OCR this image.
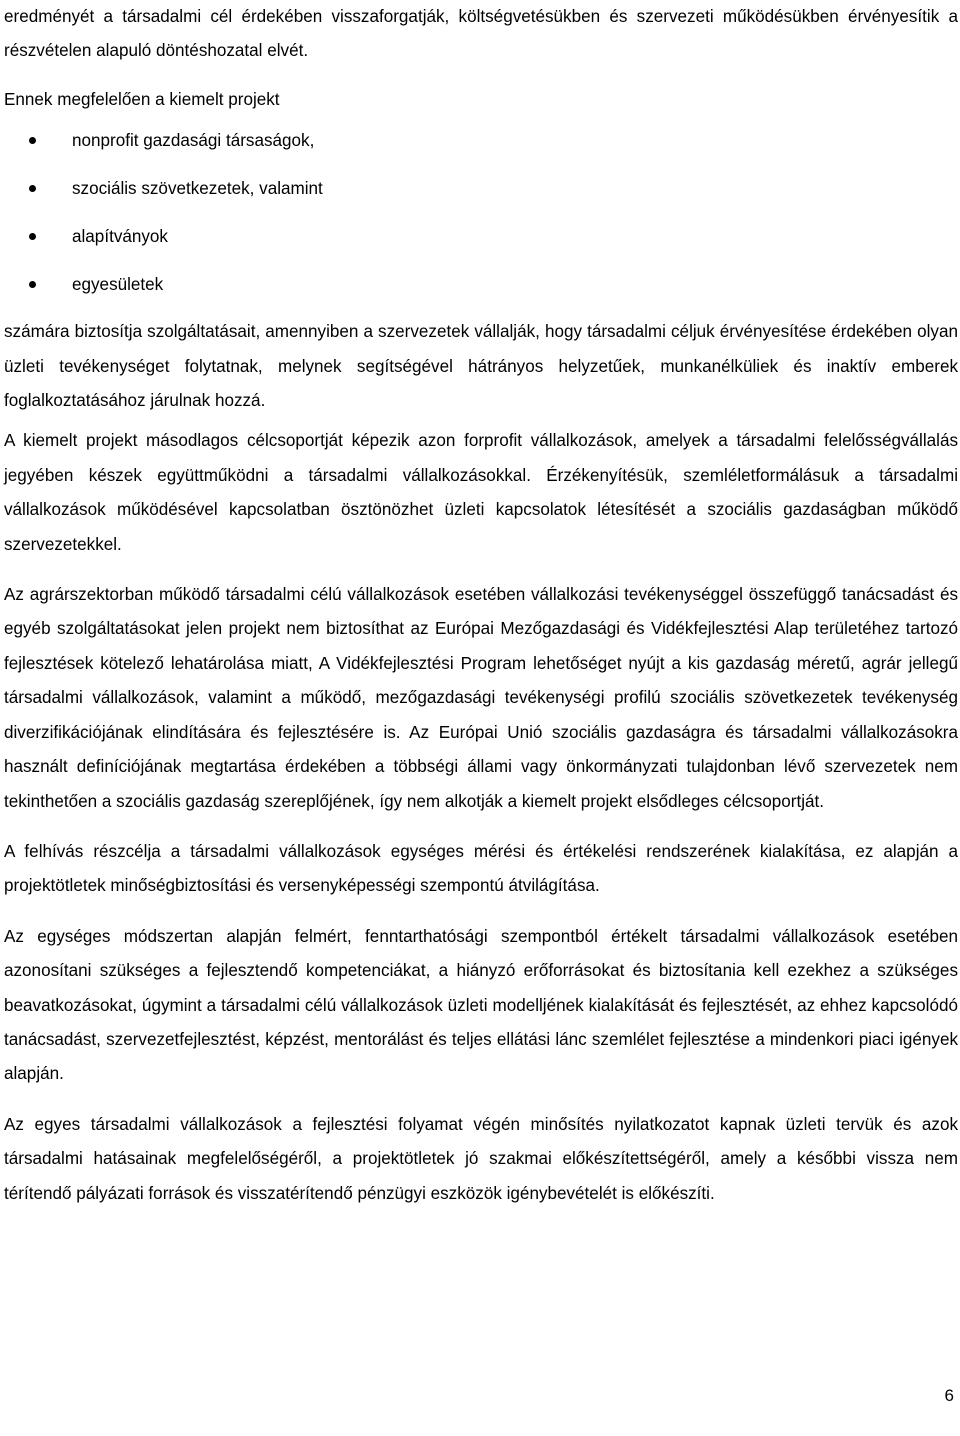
eredményét a társadalmi cél érdekében visszaforgatják, költségvetésükben és szervezeti működésükben érvényesítik a részvételen alapuló döntéshozatal elvét.

Ennek megfelelően a kiemelt projekt

nonprofit gazdasági társaságok,
szociális szövetkezetek, valamint
alapítványok
egyesületek

számára biztosítja szolgáltatásait, amennyiben a szervezetek vállalják, hogy társadalmi céljuk érvényesítése érdekében olyan üzleti tevékenységet folytatnak, melynek segítségével hátrányos helyzetűek, munkanélküliek és inaktív emberek foglalkoztatásához járulnak hozzá.

A kiemelt projekt másodlagos célcsoportját képezik azon forprofit vállalkozások, amelyek a társadalmi felelősségvállalás jegyében készek együttműködni a társadalmi vállalkozásokkal. Érzékenyítésük, szemléletformálásuk a társadalmi vállalkozások működésével kapcsolatban ösztönözhet üzleti kapcsolatok létesítését a szociális gazdaságban működő szervezetekkel.

Az agrárszektorban működő társadalmi célú vállalkozások esetében vállalkozási tevékenységgel összefüggő tanácsadást és egyéb szolgáltatásokat jelen projekt nem biztosíthat az Európai Mezőgazdasági és Vidékfejlesztési Alap területéhez tartozó fejlesztések kötelező lehatárolása miatt, A Vidékfejlesztési Program lehetőséget nyújt a kis gazdaság méretű, agrár jellegű társadalmi vállalkozások, valamint a működő, mezőgazdasági tevékenységi profilú szociális szövetkezetek tevékenység diverzifikációjának elindítására és fejlesztésére is. Az Európai Unió szociális gazdaságra és társadalmi vállalkozásokra használt definíciójának megtartása érdekében a többségi állami vagy önkormányzati tulajdonban lévő szervezetek nem tekinthetően a szociális gazdaság szereplőjének, így nem alkotják a kiemelt projekt elsődleges célcsoportját.

A felhívás részcélja a társadalmi vállalkozások egységes mérési és értékelési rendszerének kialakítása, ez alapján a projektötletek minőségbiztosítási és versenyképességi szempontú átvilágítása.

Az egységes módszertan alapján felmért, fenntarthatósági szempontból értékelt társadalmi vállalkozások esetében azonosítani szükséges a fejlesztendő kompetenciákat, a hiányzó erőforrásokat és biztosítania kell ezekhez a szükséges beavatkozásokat, úgymint a társadalmi célú vállalkozások üzleti modelljének kialakítását és fejlesztését, az ehhez kapcsolódó tanácsadást, szervezetfejlesztést, képzést, mentorálást és teljes ellátási lánc szemlélet fejlesztése a mindenkori piaci igények alapján.

Az egyes társadalmi vállalkozások a fejlesztési folyamat végén minősítés nyilatkozatot kapnak üzleti tervük és azok társadalmi hatásainak megfelelőségéről, a projektötletek jó szakmai előkészítettségéről, amely a későbbi vissza nem térítendő pályázati források és visszatérítendő pénzügyi eszközök igénybevételét is előkészíti.

6
